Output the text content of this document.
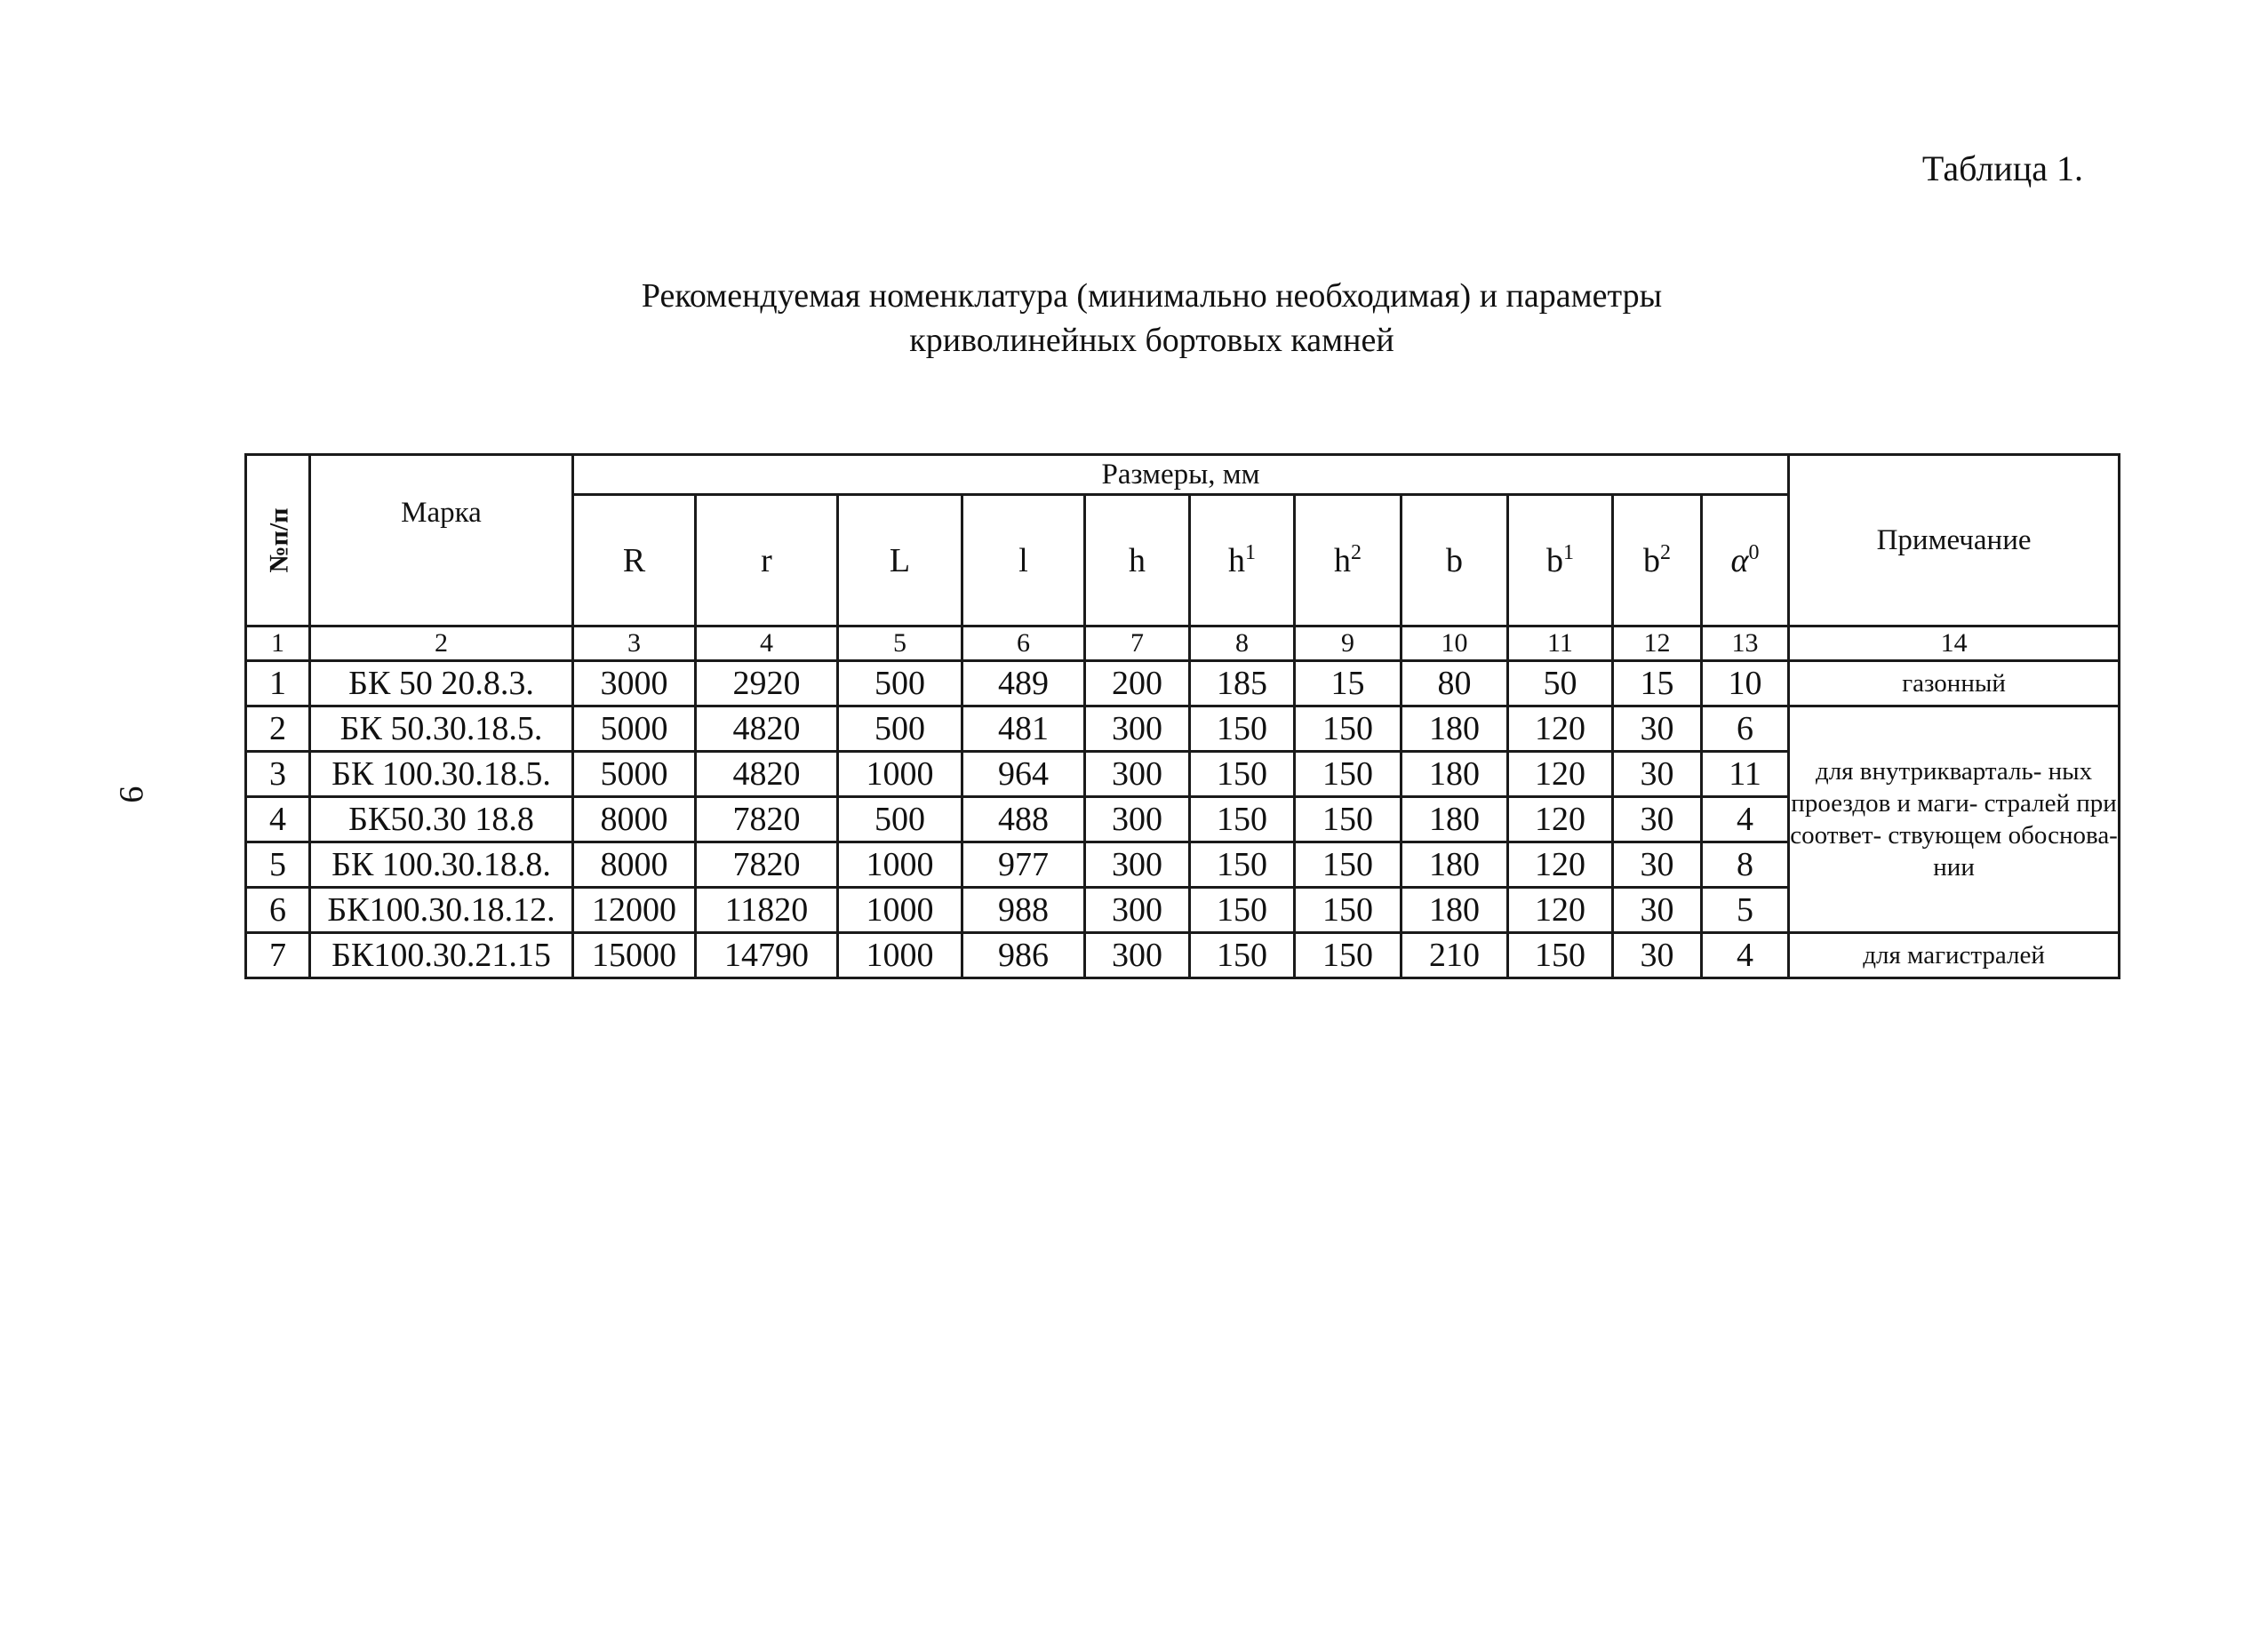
Таблица 1.
Рекомендуемая номенклатура (минимально необходимая) и параметры
криволинейных бортовых камней
9
№п/п	Марка	Размеры, мм											Примечание
		R	r	L	l	h	$h^1$	$h^2$	b	$b^1$	$b^2$	$\alpha^0$
1	2	3	4	5	6	7	8	9	10	11	12	13	14
1	БК 50 20.8.3.	3000	2920	500	489	200	185	15	80	50	15	10	газонный
2	БК 50.30.18.5.	5000	4820	500	481	300	150	150	180	120	30	6	для внутрикварталь- ных проездов и маги- стралей при соответ- ствующем обоснова- нии
3	БК 100.30.18.5.	5000	4820	1000	964	300	150	150	180	120	30	11	
4	БК50.30 18.8	8000	7820	500	488	300	150	150	180	120	30	4	
5	БК 100.30.18.8.	8000	7820	1000	977	300	150	150	180	120	30	8	
6	БК100.30.18.12.	12000	11820	1000	988	300	150	150	180	120	30	5	
7	БК100.30.21.15	15000	14790	1000	986	300	150	150	210	150	30	4	для магистралей
